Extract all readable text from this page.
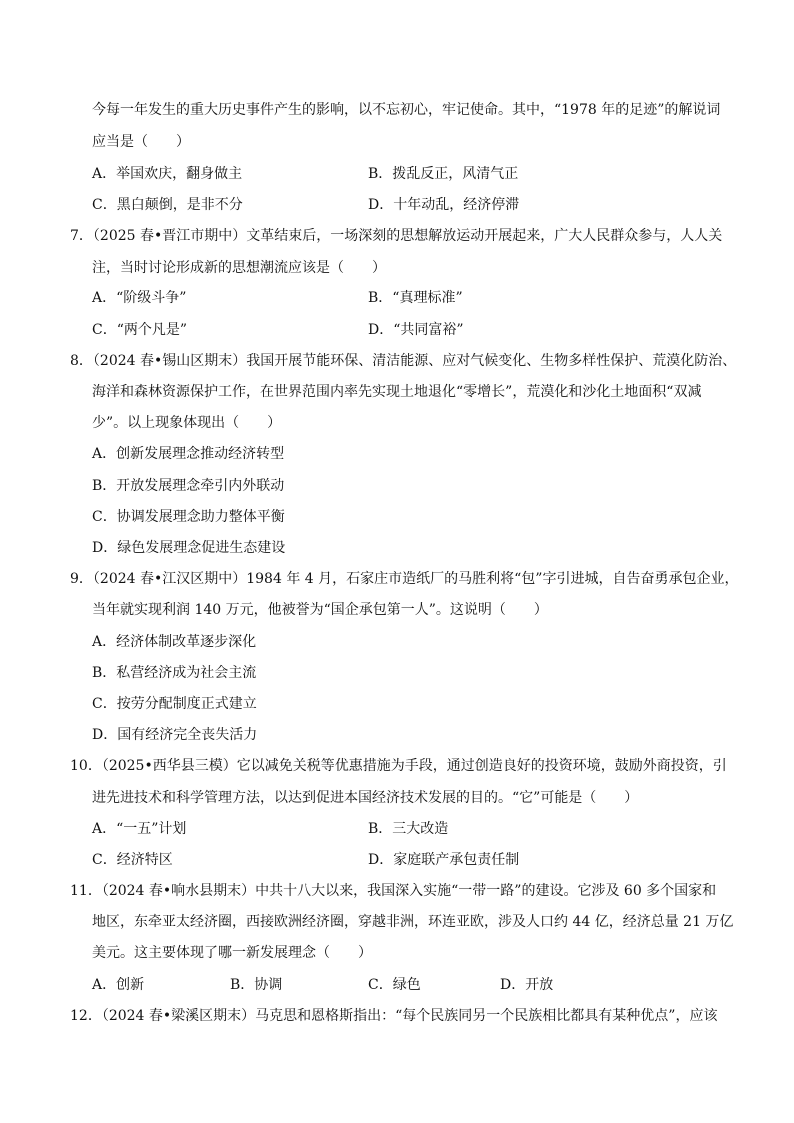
今每一年发生的重大历史事件产生的影响，以不忘初心，牢记使命。其中，“1978 年的足迹”的解说词
应当是（　　）
A．举国欢庆，翻身做主	B．拨乱反正，风清气正
C．黑白颠倒，是非不分	D．十年动乱，经济停滞
7．（2025 春•晋江市期中）文革结束后，一场深刻的思想解放运动开展起来，广大人民群众参与，人人关
注，当时讨论形成新的思想潮流应该是（　　）
A．“阶级斗争”	B．“真理标准”
C．“两个凡是”	D．“共同富裕”
8．（2024 春•锡山区期末）我国开展节能环保、清洁能源、应对气候变化、生物多样性保护、荒漠化防治、
海洋和森林资源保护工作，在世界范围内率先实现土地退化“零增长”，荒漠化和沙化土地面积“双减
少”。以上现象体现出（　　）
A．创新发展理念推动经济转型
B．开放发展理念牵引内外联动
C．协调发展理念助力整体平衡
D．绿色发展理念促进生态建设
9．（2024 春•江汉区期中）1984 年 4 月，石家庄市造纸厂的马胜利将“包”字引进城，自告奋勇承包企业，
当年就实现利润 140 万元，他被誉为“国企承包第一人”。这说明（　　）
A．经济体制改革逐步深化
B．私营经济成为社会主流
C．按劳分配制度正式建立
D．国有经济完全丧失活力
10．（2025•西华县三模）它以减免关税等优惠措施为手段，通过创造良好的投资环境，鼓励外商投资，引
进先进技术和科学管理方法，以达到促进本国经济技术发展的目的。“它”可能是（　　）
A．“一五”计划	B．三大改造
C．经济特区	D．家庭联产承包责任制
11．（2024 春•响水县期末）中共十八大以来，我国深入实施“一带一路”的建设。它涉及 60 多个国家和
地区，东牵亚太经济圈，西接欧洲经济圈，穿越非洲，环连亚欧，涉及人口约 44 亿，经济总量 21 万亿
美元。这主要体现了哪一新发展理念（　　）
A．创新	B．协调	C．绿色	D．开放
12．（2024 春•梁溪区期末）马克思和恩格斯指出：“每个民族同另一个民族相比都具有某种优点”，应该
